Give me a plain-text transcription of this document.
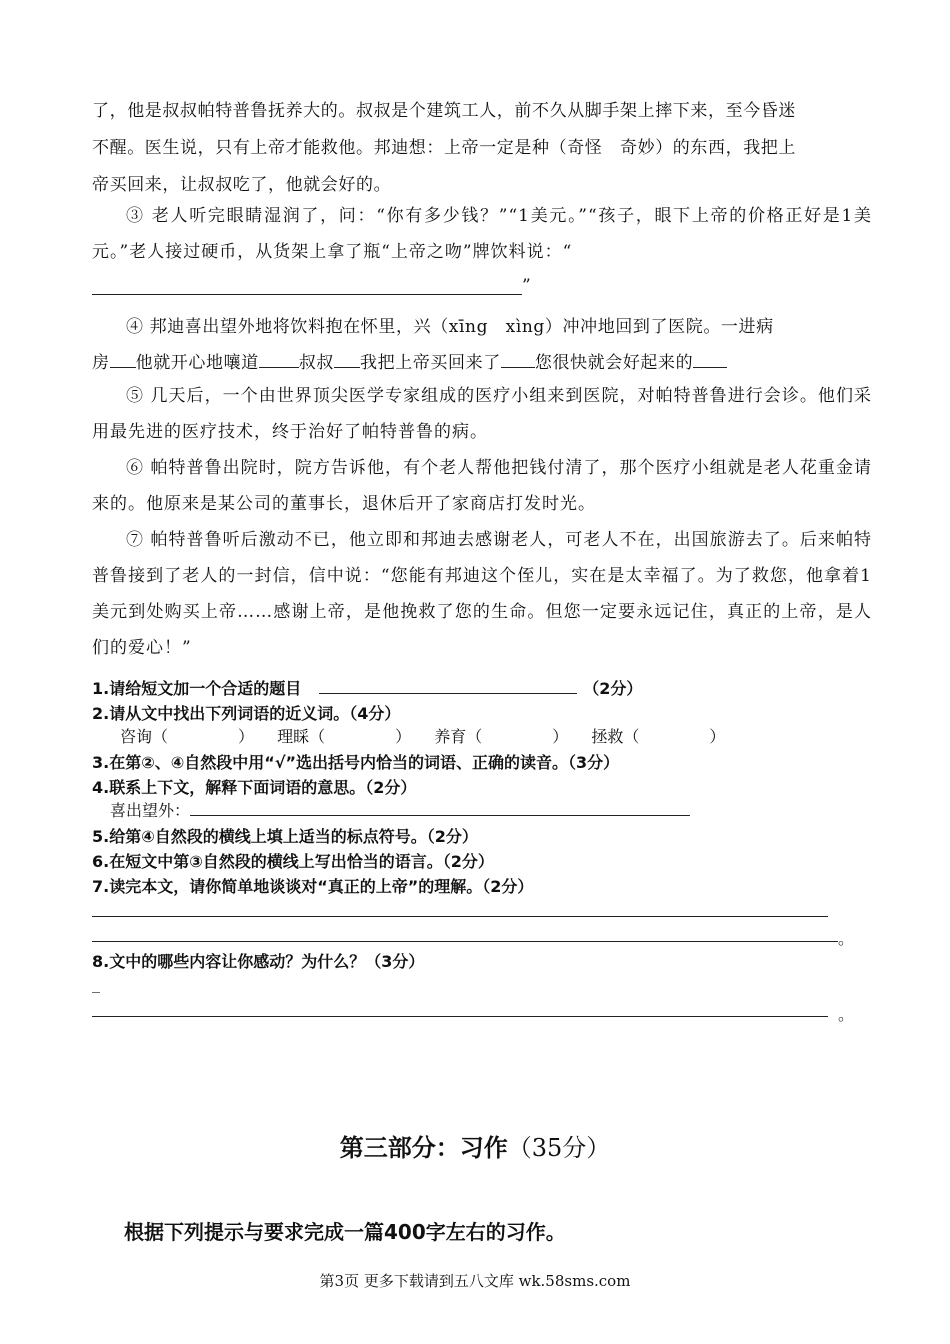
了，他是叔叔帕特普鲁抚养大的。叔叔是个建筑工人，前不久从脚手架上摔下来，至今昏迷
不醒。医生说，只有上帝才能救他。邦迪想：上帝一定是种（奇怪　奇妙）的东西，我把上
帝买回来，让叔叔吃了，他就会好的。
③ 老人听完眼睛湿润了，问：“你有多少钱？”“1美元。”“孩子，眼下上帝的价格正好是1美元。”老人接过硬币，从货架上拿了瓶“上帝之吻”牌饮料说：“
”
④ 邦迪喜出望外地将饮料抱在怀里，兴（xīng　xìng）冲冲地回到了医院。一进病
房 他就开心地嚷道 叔叔 我把上帝买回来了 您很快就会好起来的
⑤ 几天后，一个由世界顶尖医学专家组成的医疗小组来到医院，对帕特普鲁进行会诊。他们采用最先进的医疗技术，终于治好了帕特普鲁的病。
⑥ 帕特普鲁出院时，院方告诉他，有个老人帮他把钱付清了，那个医疗小组就是老人花重金请来的。他原来是某公司的董事长，退休后开了家商店打发时光。
⑦ 帕特普鲁听后激动不已，他立即和邦迪去感谢老人，可老人不在，出国旅游去了。后来帕特普鲁接到了老人的一封信，信中说：“您能有邦迪这个侄儿，实在是太幸福了。为了救您，他拿着1美元到处购买上帝……感谢上帝，是他挽救了您的生命。但您一定要永远记住，真正的上帝，是人们的爱心！”
1.请给短文加一个合适的题目	（2分）
2.请从文中找出下列词语的近义词。（4分）
咨询（	） 理睬（	） 养育（	） 拯救（	）
3.在第②、④自然段中用“√”选出括号内恰当的词语、正确的读音。（3分）
4.联系上下文，解释下面词语的意思。（2分）
喜出望外：
5.给第④自然段的横线上填上适当的标点符号。（2分）
6.在短文中第③自然段的横线上写出恰当的语言。（2分）
7.读完本文，请你简单地谈谈对“真正的上帝”的理解。（2分）
。
8.文中的哪些内容让你感动？为什么？（3分）
_
。
第三部分：习作（35分）
根据下列提示与要求完成一篇400字左右的习作。
第3页 更多下载请到五八文库 wk.58sms.com
